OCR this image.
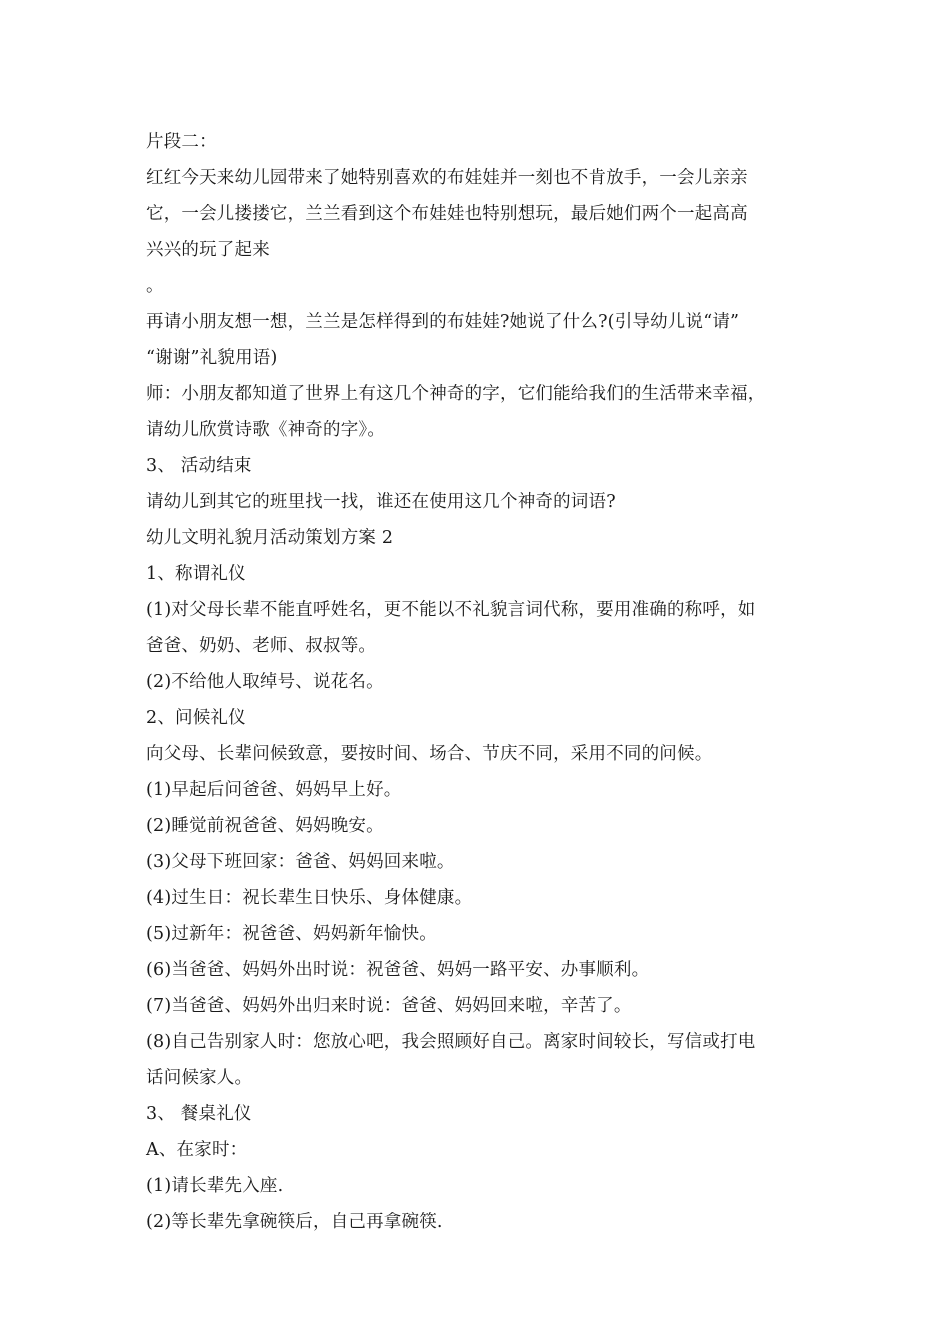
片段二：
红红今天来幼儿园带来了她特别喜欢的布娃娃并一刻也不肯放手，一会儿亲亲
它，一会儿搂搂它，兰兰看到这个布娃娃也特别想玩，最后她们两个一起高高
兴兴的玩了起来
。
再请小朋友想一想，兰兰是怎样得到的布娃娃?她说了什么?(引导幼儿说“请”
“谢谢”礼貌用语)
师：小朋友都知道了世界上有这几个神奇的字，它们能给我们的生活带来幸福，
请幼儿欣赏诗歌《神奇的字》。
3、 活动结束
请幼儿到其它的班里找一找，谁还在使用这几个神奇的词语?
幼儿文明礼貌月活动策划方案 2
1、称谓礼仪
(1)对父母长辈不能直呼姓名，更不能以不礼貌言词代称，要用准确的称呼，如
爸爸、奶奶、老师、叔叔等。
(2)不给他人取绰号、说花名。
2、问候礼仪
向父母、长辈问候致意，要按时间、场合、节庆不同，采用不同的问候。
(1)早起后问爸爸、妈妈早上好。
(2)睡觉前祝爸爸、妈妈晚安。
(3)父母下班回家：爸爸、妈妈回来啦。
(4)过生日：祝长辈生日快乐、身体健康。
(5)过新年：祝爸爸、妈妈新年愉快。
(6)当爸爸、妈妈外出时说：祝爸爸、妈妈一路平安、办事顺利。
(7)当爸爸、妈妈外出归来时说：爸爸、妈妈回来啦，辛苦了。
(8)自己告别家人时：您放心吧，我会照顾好自己。离家时间较长，写信或打电
话问候家人。
3、 餐桌礼仪
A、在家时：
(1)请长辈先入座.
(2)等长辈先拿碗筷后，自己再拿碗筷.
